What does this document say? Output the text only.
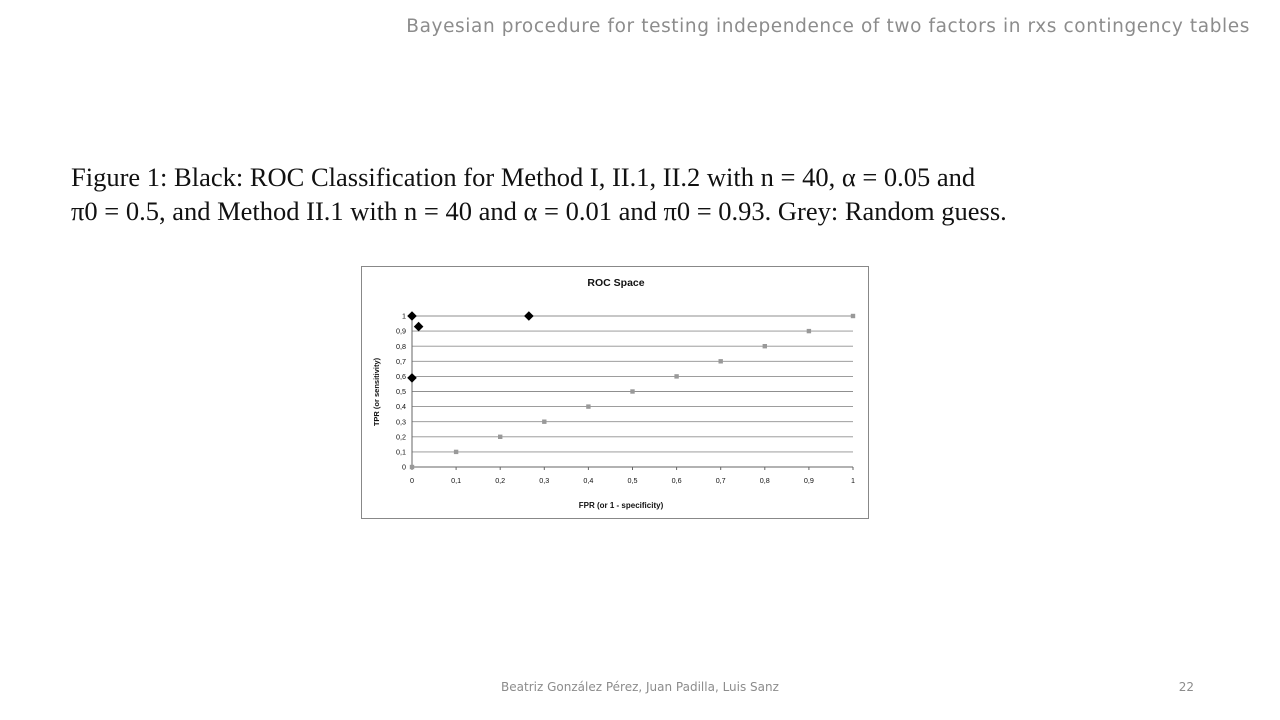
Bayesian procedure for testing independence of two factors in rxs contingency tables
Figure 1: Black: ROC Classification for Method I, II.1, II.2 with n = 40, α = 0.05 and
π0 = 0.5, and Method II.1 with n = 40 and α = 0.01 and π0 = 0.93. Grey: Random guess.
ROC Space
0
0,1
0,2
0,3
0,4
0,5
0,6
0,7
0,8
0,9
1
0	0,1	0,2	0,3	0,4	0,5	0,6	0,7	0,8	0,9	1
FPR (or 1 - specificity)
TPR (or sensitivity)
Beatriz González Pérez, Juan Padilla, Luis Sanz	22
